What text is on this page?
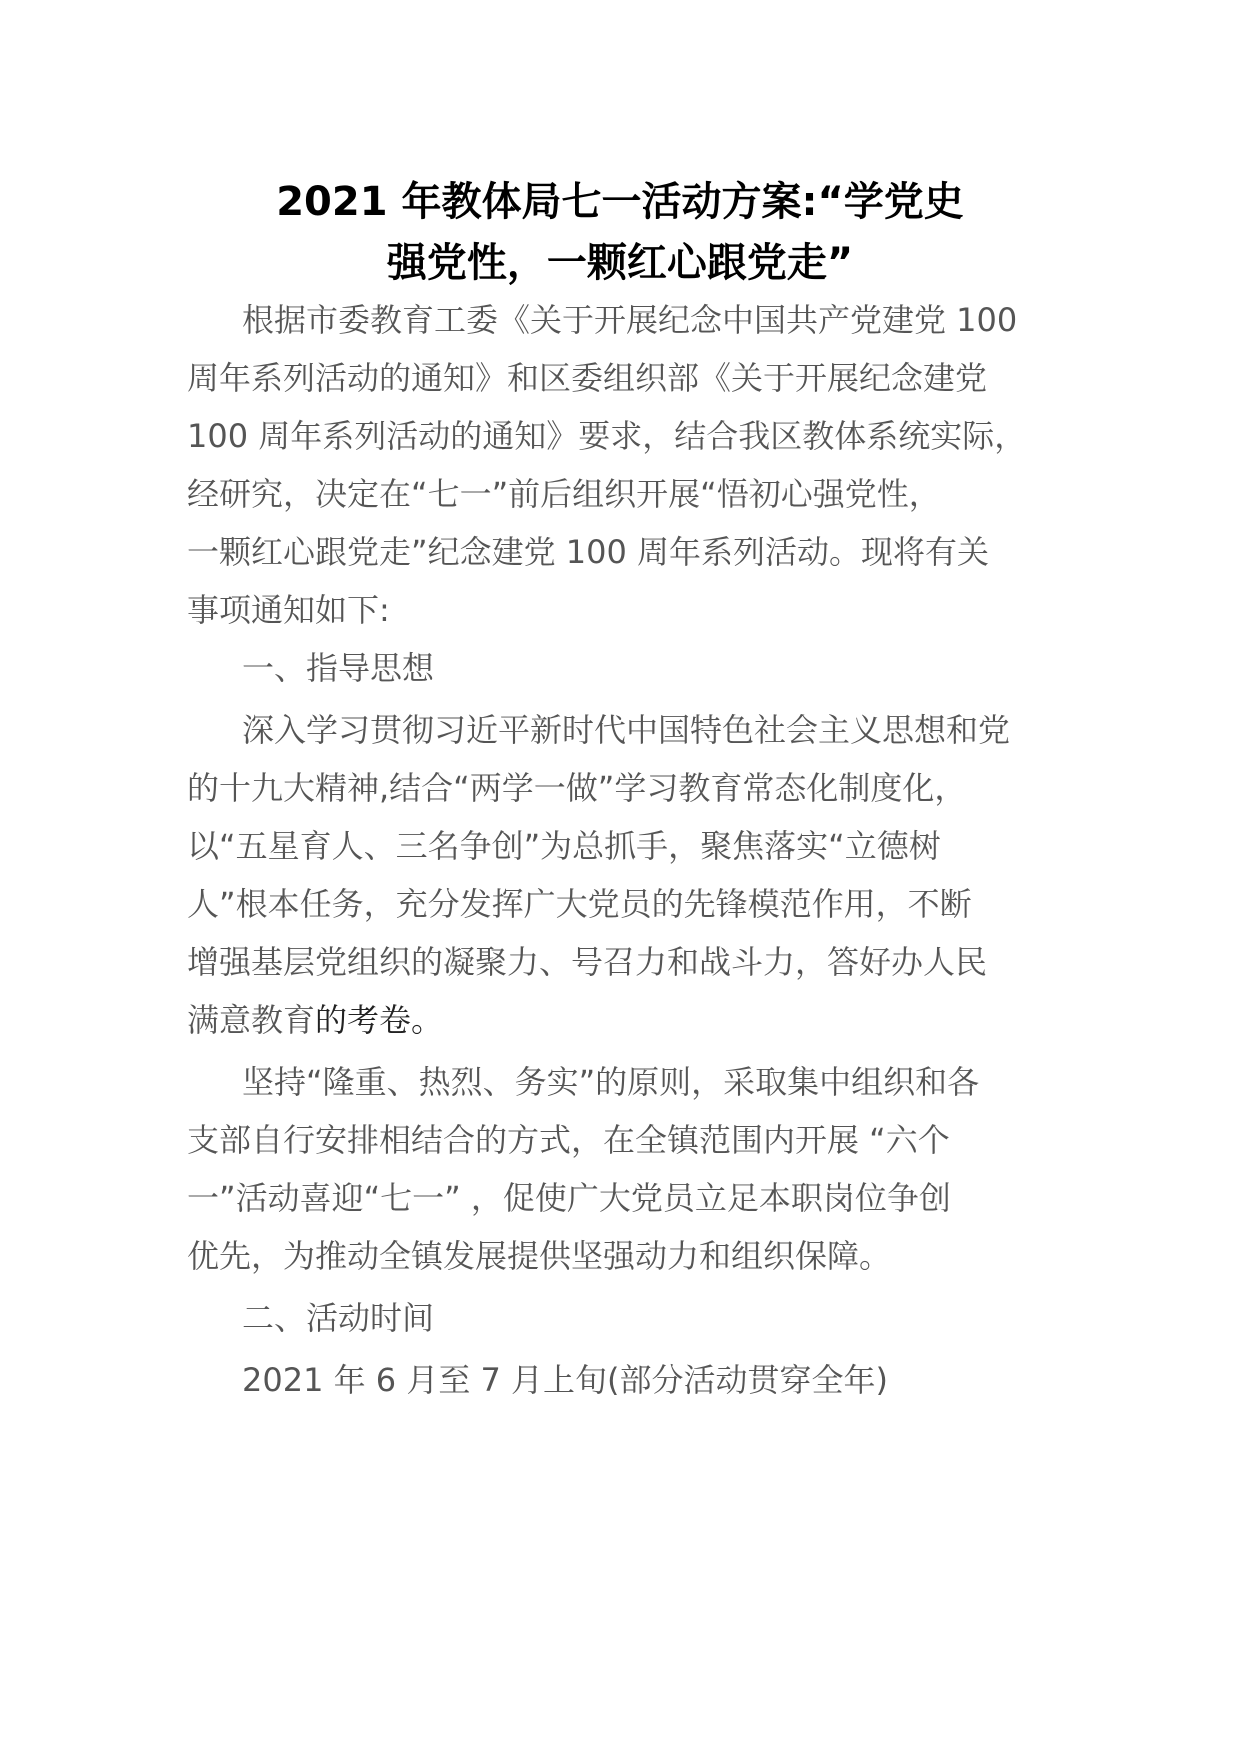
2021 年教体局七一活动方案:“学党史
强党性，一颗红心跟党走”
根据市委教育工委《关于开展纪念中国共产党建党 100
周年系列活动的通知》和区委组织部《关于开展纪念建党
100 周年系列活动的通知》要求，结合我区教体系统实际，
经研究，决定在“七一”前后组织开展“悟初心强党性，
一颗红心跟党走”纪念建党 100 周年系列活动。现将有关
事项通知如下:
一、指导思想
深入学习贯彻习近平新时代中国特色社会主义思想和党
的十九大精神,结合“两学一做”学习教育常态化制度化，
以“五星育人、三名争创”为总抓手，聚焦落实“立德树
人”根本任务，充分发挥广大党员的先锋模范作用，不断
增强基层党组织的凝聚力、号召力和战斗力，答好办人民
满意教育的考卷。
坚持“隆重、热烈、务实”的原则，采取集中组织和各
支部自行安排相结合的方式，在全镇范围内开展 “六个
一”活动喜迎“七一” ，促使广大党员立足本职岗位争创
优先，为推动全镇发展提供坚强动力和组织保障。
二、活动时间
2021 年 6 月至 7 月上旬(部分活动贯穿全年)
